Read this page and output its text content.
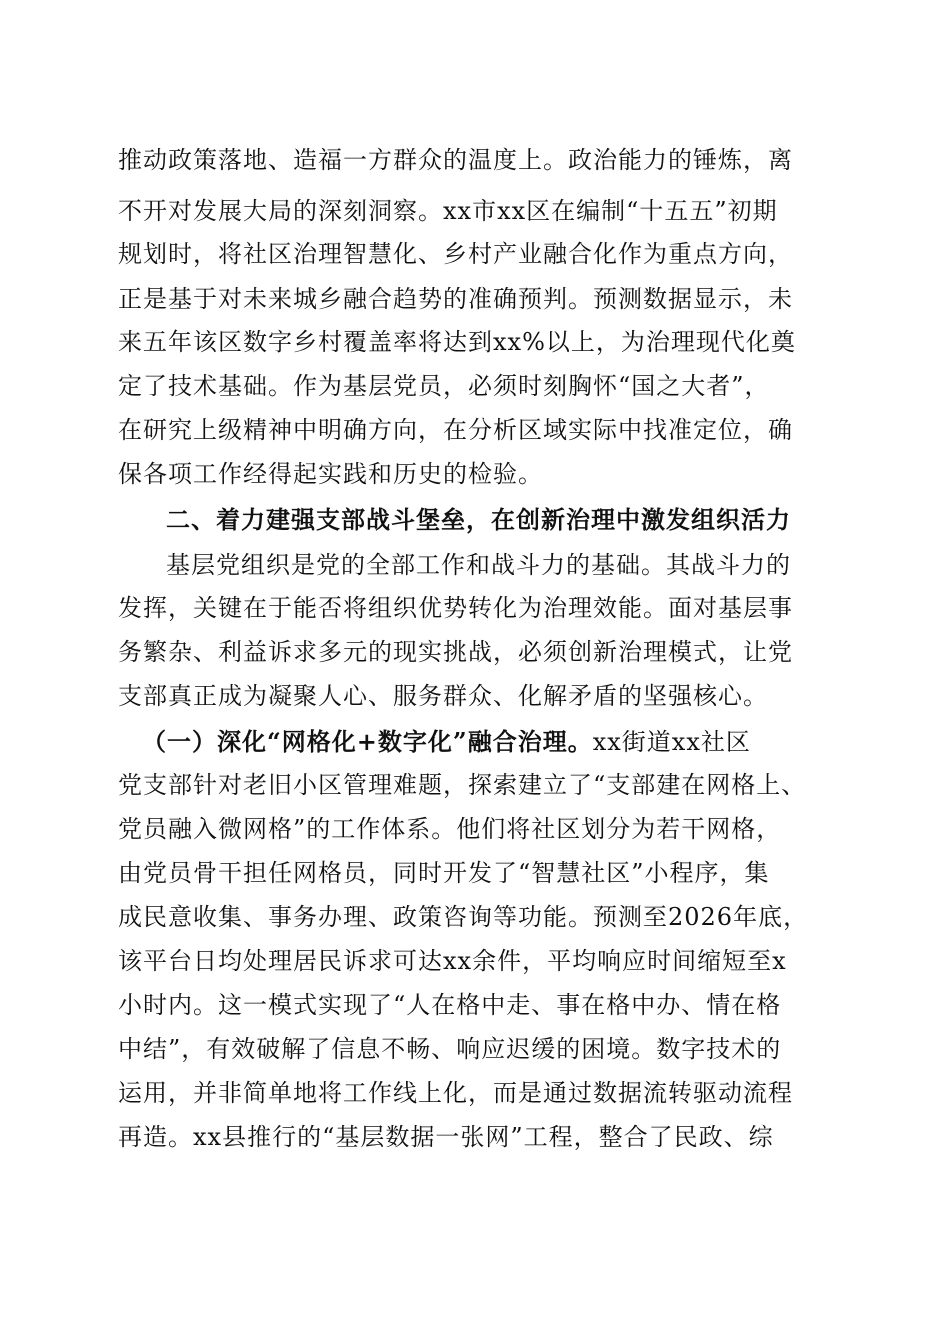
推动政策落地、造福一方群众的温度上。政治能力的锤炼，离
不开对发展大局的深刻洞察。xx市xx区在编制“十五五”初期
规划时，将社区治理智慧化、乡村产业融合化作为重点方向，
正是基于对未来城乡融合趋势的准确预判。预测数据显示，未
来五年该区数字乡村覆盖率将达到xx%以上，为治理现代化奠
定了技术基础。作为基层党员，必须时刻胸怀“国之大者”，
在研究上级精神中明确方向，在分析区域实际中找准定位，确
保各项工作经得起实践和历史的检验。
二、着力建强支部战斗堡垒，在创新治理中激发组织活力
基层党组织是党的全部工作和战斗力的基础。其战斗力的
发挥，关键在于能否将组织优势转化为治理效能。面对基层事
务繁杂、利益诉求多元的现实挑战，必须创新治理模式，让党
支部真正成为凝聚人心、服务群众、化解矛盾的坚强核心。
（一）深化“网格化+数字化”融合治理。xx街道xx社区
党支部针对老旧小区管理难题，探索建立了“支部建在网格上、
党员融入微网格”的工作体系。他们将社区划分为若干网格，
由党员骨干担任网格员，同时开发了“智慧社区”小程序，集
成民意收集、事务办理、政策咨询等功能。预测至2026年底，
该平台日均处理居民诉求可达xx余件，平均响应时间缩短至x
小时内。这一模式实现了“人在格中走、事在格中办、情在格
中结”，有效破解了信息不畅、响应迟缓的困境。数字技术的
运用，并非简单地将工作线上化，而是通过数据流转驱动流程
再造。xx县推行的“基层数据一张网”工程，整合了民政、综
